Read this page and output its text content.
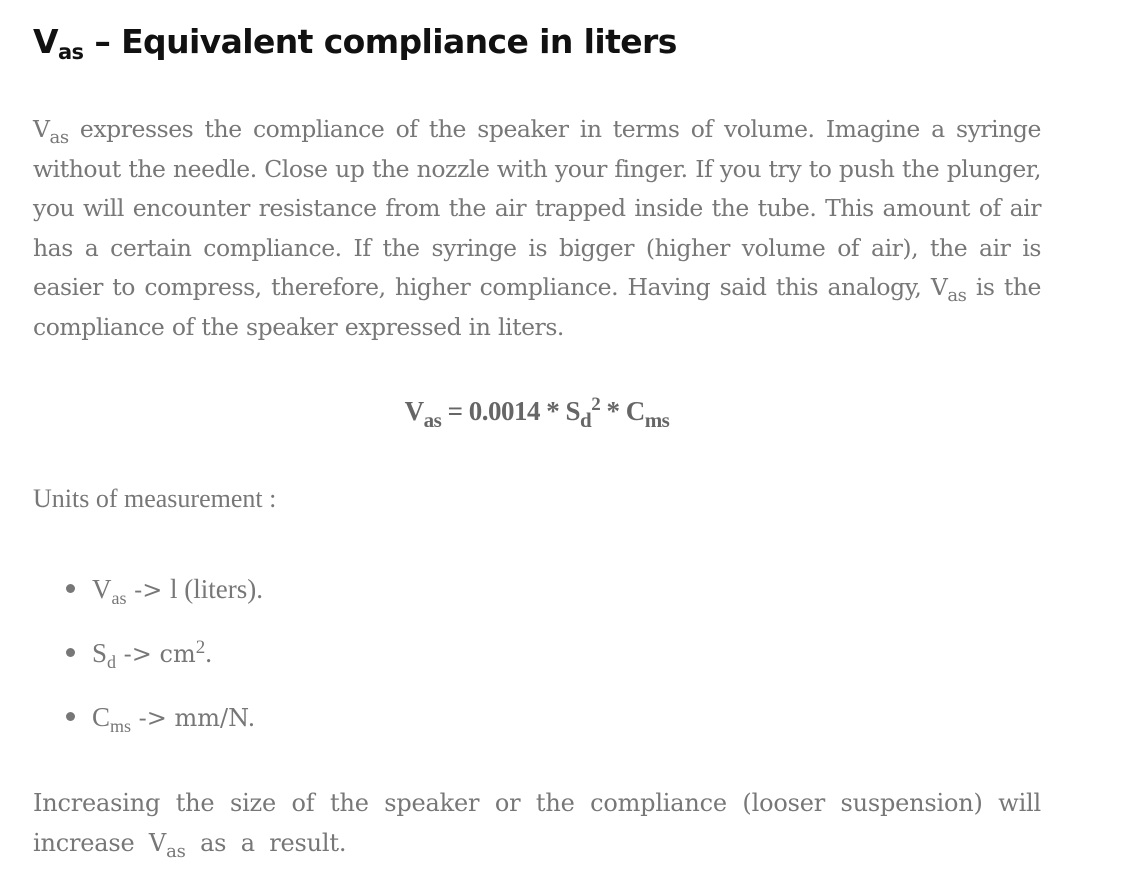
$V_{as}$ – Equivalent compliance in liters

$V_{as}$ expresses the compliance of the speaker in terms of volume. Imagine a syringe without the needle. Close up the nozzle with your finger. If you try to push the plunger, you will encounter resistance from the air trapped inside the tube. This amount of air has a certain compliance. If the syringe is bigger (higher volume of air), the air is easier to compress, therefore, higher compliance. Having said this analogy, $V_{as}$ is the compliance of the speaker expressed in liters.

$V_{as} = 0.0014 * S_d^2 * C_{ms}$

Units of measurement :

$V_{as} -> l$ (liters).
$S_d -> cm^2$.
$C_{ms} -> mm/N$.

Increasing the size of the speaker or the compliance (looser suspension) will increase $V_{as}$ as a result.
